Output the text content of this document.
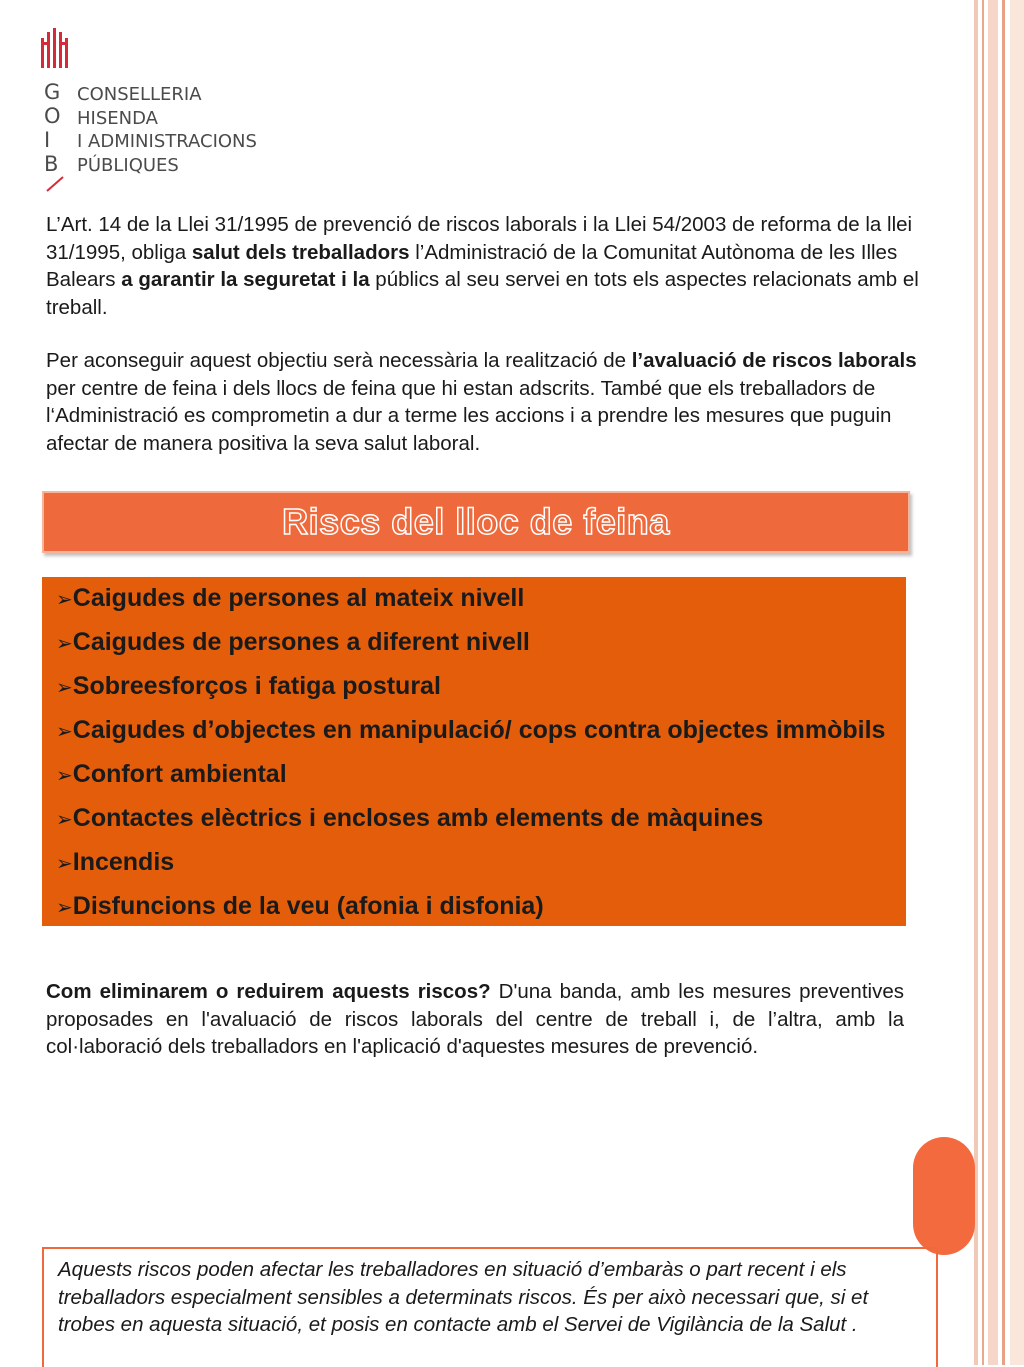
G
O
I
B
CONSELLERIA
HISENDA
I ADMINISTRACIONS
PÚBLIQUES

L’Art. 14 de la Llei 31/1995 de prevenció de riscos laborals i la Llei 54/2003 de reforma de la llei 31/1995, obliga salut dels treballadors l’Administració de la Comunitat Autònoma de les Illes Balears a garantir la seguretat i la públics al seu servei en tots els aspectes relacionats amb el treball.

Per aconseguir aquest objectiu serà necessària la realització de l’avaluació de riscos laborals per centre de feina i dels llocs de feina que hi estan adscrits. També que els treballadors de l‘Administració es comprometin a dur a terme les accions i a prendre les mesures que puguin afectar de manera positiva la seva salut laboral.

Riscs del lloc de feina
➢Caigudes de persones al mateix nivell
➢Caigudes de persones a diferent nivell
➢Sobreesforços i fatiga postural
➢Caigudes d’objectes en manipulació/ cops contra objectes immòbils
➢Confort ambiental
➢Contactes elèctrics i encloses amb elements de màquines
➢Incendis
➢Disfuncions de la veu (afonia i disfonia)

Com eliminarem o reduirem aquests riscos? D'una banda, amb les mesures preventives proposades en l'avaluació de riscos laborals del centre de treball i, de l’altra, amb la col·laboració dels treballadors en l'aplicació d'aquestes mesures de prevenció.

Aquests riscos poden afectar les treballadores en situació d’embaràs o part recent i els treballadors especialment sensibles a determinats riscos. És per això necessari que, si et trobes en aquesta situació, et posis en contacte amb el Servei de Vigilància de la Salut .
